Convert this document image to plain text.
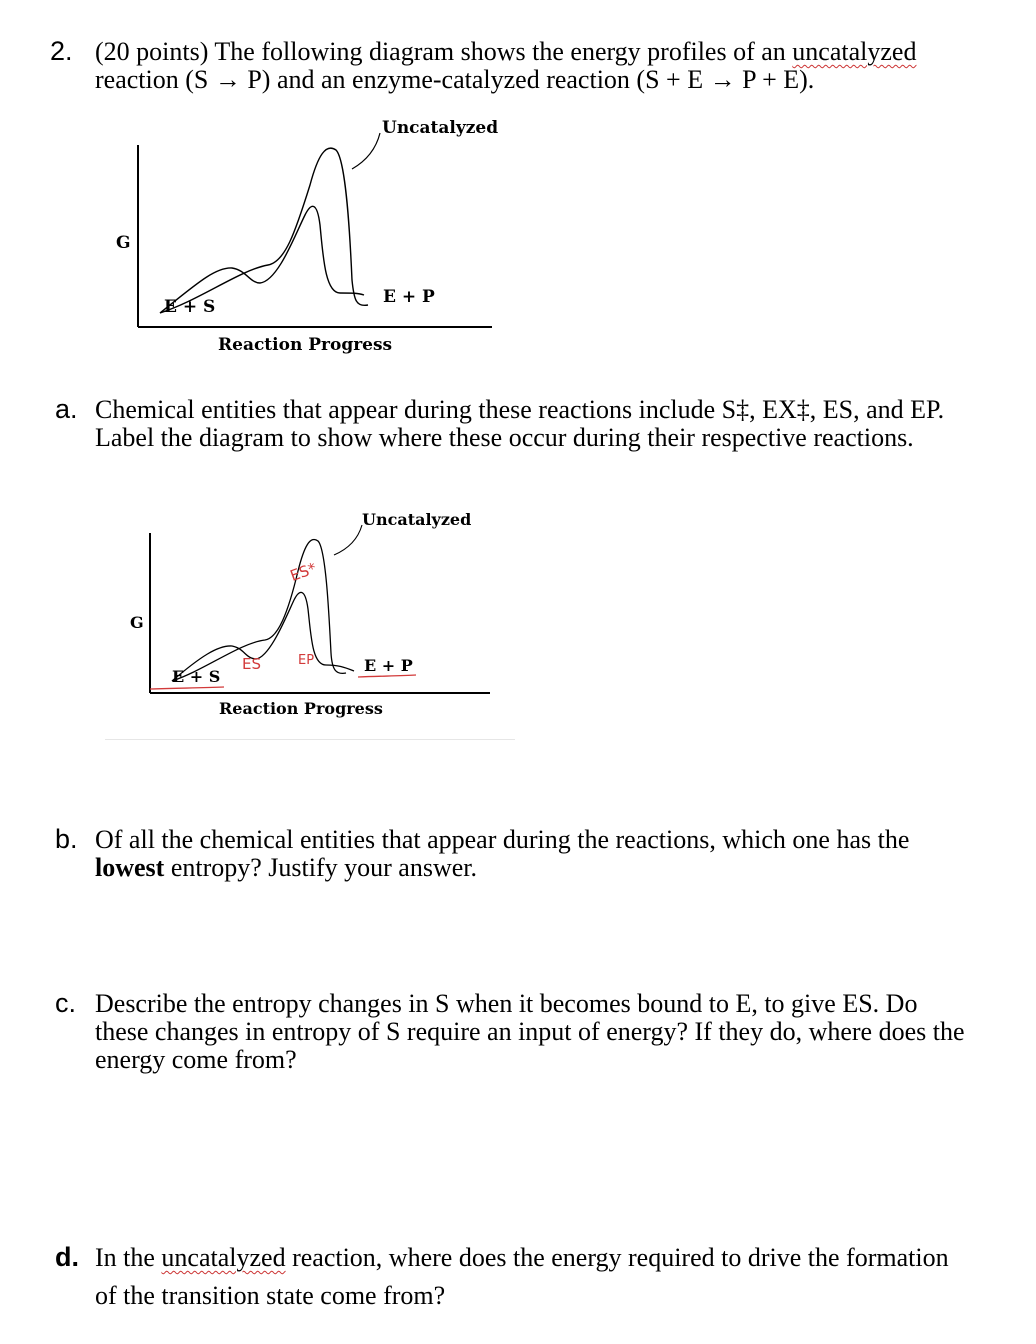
2. (20 points) The following diagram shows the energy profiles of an uncatalyzed
reaction (S → P) and an enzyme-catalyzed reaction (S + E → P + E).
Uncatalyzed
G
E + S	E + P
Reaction Progress
a. Chemical entities that appear during these reactions include S‡, EX‡, ES, and EP.
Label the diagram to show where these occur during their respective reactions.
Uncatalyzed
G
E + S
E + P
Reaction Progress
ES*
ES	EP
b. Of all the chemical entities that appear during the reactions, which one has the
lowest entropy? Justify your answer.
c. Describe the entropy changes in S when it becomes bound to E, to give ES. Do
these changes in entropy of S require an input of energy? If they do, where does the
energy come from?
d. In the uncatalyzed reaction, where does the energy required to drive the formation
of the transition state come from?
